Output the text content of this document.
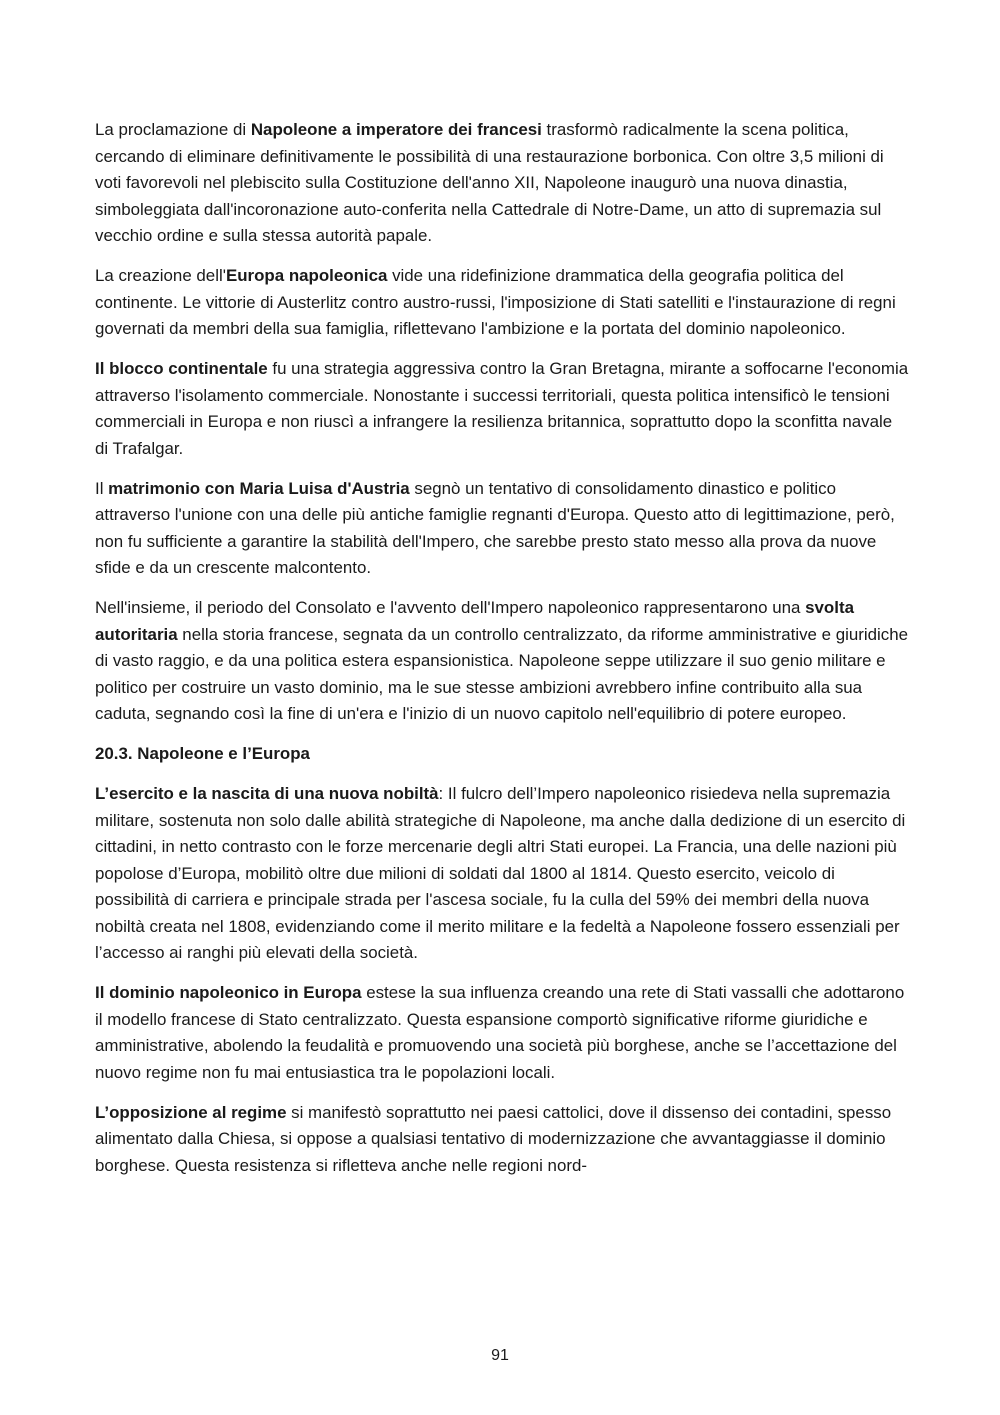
La proclamazione di Napoleone a imperatore dei francesi trasformò radicalmente la scena politica, cercando di eliminare definitivamente le possibilità di una restaurazione borbonica. Con oltre 3,5 milioni di voti favorevoli nel plebiscito sulla Costituzione dell'anno XII, Napoleone inaugurò una nuova dinastia, simboleggiata dall'incoronazione auto-conferita nella Cattedrale di Notre-Dame, un atto di supremazia sul vecchio ordine e sulla stessa autorità papale.

La creazione dell'Europa napoleonica vide una ridefinizione drammatica della geografia politica del continente. Le vittorie di Austerlitz contro austro-russi, l'imposizione di Stati satelliti e l'instaurazione di regni governati da membri della sua famiglia, riflettevano l'ambizione e la portata del dominio napoleonico.

Il blocco continentale fu una strategia aggressiva contro la Gran Bretagna, mirante a soffocarne l'economia attraverso l'isolamento commerciale. Nonostante i successi territoriali, questa politica intensificò le tensioni commerciali in Europa e non riuscì a infrangere la resilienza britannica, soprattutto dopo la sconfitta navale di Trafalgar.

Il matrimonio con Maria Luisa d'Austria segnò un tentativo di consolidamento dinastico e politico attraverso l'unione con una delle più antiche famiglie regnanti d'Europa. Questo atto di legittimazione, però, non fu sufficiente a garantire la stabilità dell'Impero, che sarebbe presto stato messo alla prova da nuove sfide e da un crescente malcontento.

Nell'insieme, il periodo del Consolato e l'avvento dell'Impero napoleonico rappresentarono una svolta autoritaria nella storia francese, segnata da un controllo centralizzato, da riforme amministrative e giuridiche di vasto raggio, e da una politica estera espansionistica. Napoleone seppe utilizzare il suo genio militare e politico per costruire un vasto dominio, ma le sue stesse ambizioni avrebbero infine contribuito alla sua caduta, segnando così la fine di un'era e l'inizio di un nuovo capitolo nell'equilibrio di potere europeo.

20.3. Napoleone e l’Europa

L’esercito e la nascita di una nuova nobiltà: Il fulcro dell’Impero napoleonico risiedeva nella supremazia militare, sostenuta non solo dalle abilità strategiche di Napoleone, ma anche dalla dedizione di un esercito di cittadini, in netto contrasto con le forze mercenarie degli altri Stati europei. La Francia, una delle nazioni più popolose d’Europa, mobilitò oltre due milioni di soldati dal 1800 al 1814. Questo esercito, veicolo di possibilità di carriera e principale strada per l'ascesa sociale, fu la culla del 59% dei membri della nuova nobiltà creata nel 1808, evidenziando come il merito militare e la fedeltà a Napoleone fossero essenziali per l’accesso ai ranghi più elevati della società.

Il dominio napoleonico in Europa estese la sua influenza creando una rete di Stati vassalli che adottarono il modello francese di Stato centralizzato. Questa espansione comportò significative riforme giuridiche e amministrative, abolendo la feudalità e promuovendo una società più borghese, anche se l’accettazione del nuovo regime non fu mai entusiastica tra le popolazioni locali.

L’opposizione al regime si manifestò soprattutto nei paesi cattolici, dove il dissenso dei contadini, spesso alimentato dalla Chiesa, si oppose a qualsiasi tentativo di modernizzazione che avvantaggiasse il dominio borghese. Questa resistenza si rifletteva anche nelle regioni nord-

91
